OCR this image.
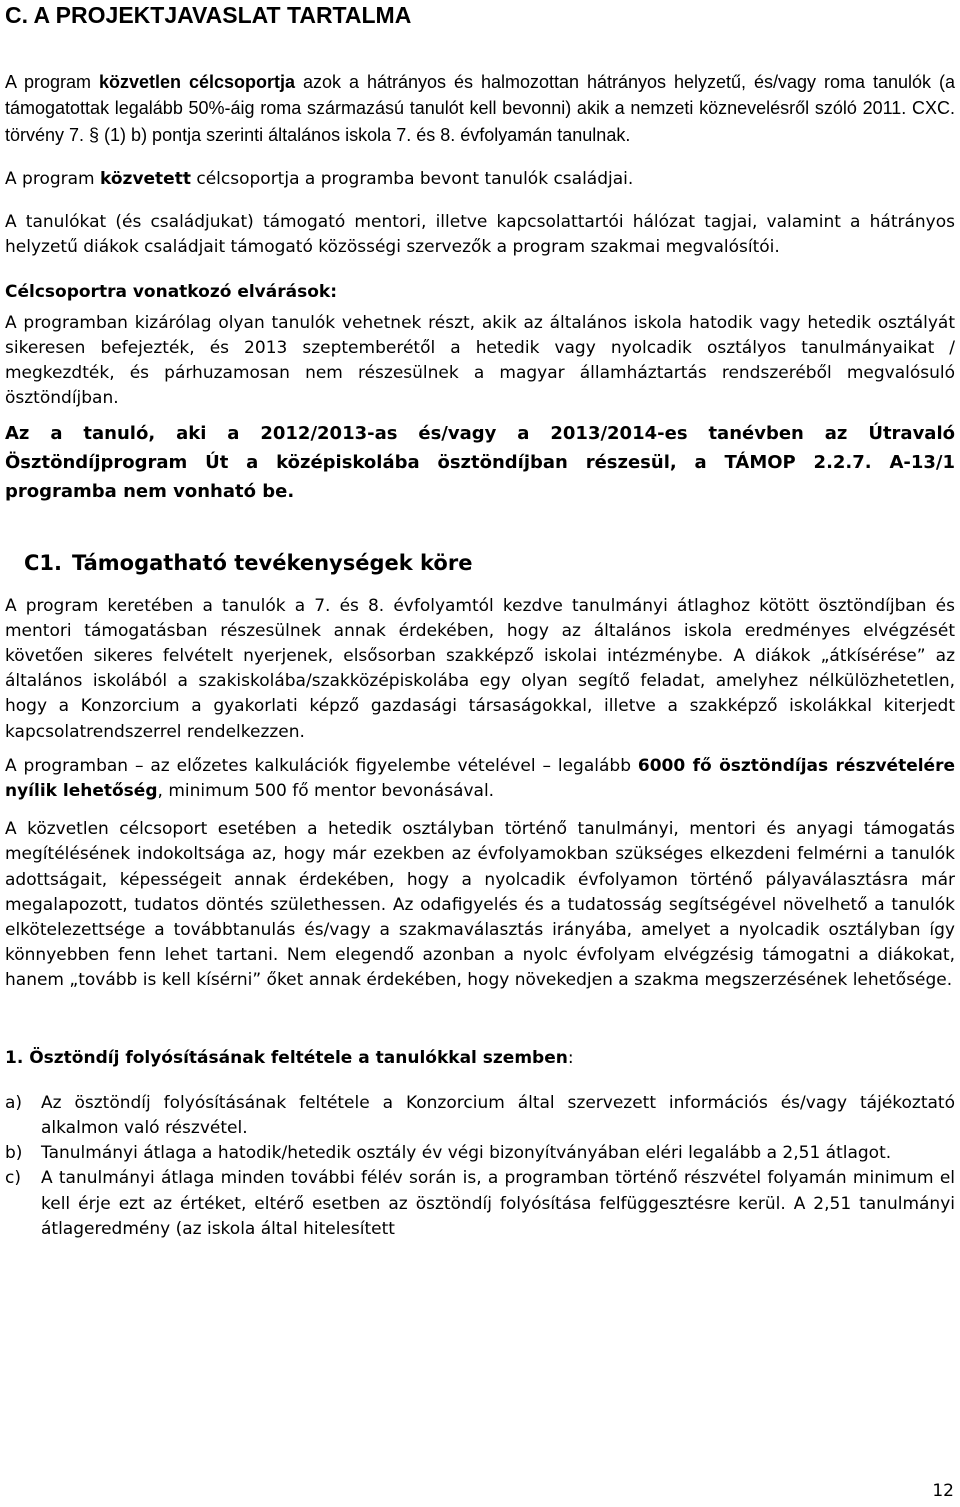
C. A PROJEKTJAVASLAT TARTALMA

A program közvetlen célcsoportja azok a hátrányos és halmozottan hátrányos helyzetű, és/vagy roma tanulók (a támogatottak legalább 50%-áig roma származású tanulót kell bevonni) akik a nemzeti köznevelésről szóló 2011. CXC. törvény 7. § (1) b) pontja szerinti általános iskola 7. és 8. évfolyamán tanulnak.

A program közvetett célcsoportja a programba bevont tanulók családjai.

A tanulókat (és családjukat) támogató mentori, illetve kapcsolattartói hálózat tagjai, valamint a hátrányos helyzetű diákok családjait támogató közösségi szervezők a program szakmai megvalósítói.

Célcsoportra vonatkozó elvárások:

A programban kizárólag olyan tanulók vehetnek részt, akik az általános iskola hatodik vagy hetedik osztályát sikeresen befejezték, és 2013 szeptemberétől a hetedik vagy nyolcadik osztályos tanulmányaikat / megkezdték, és párhuzamosan nem részesülnek a magyar államháztartás rendszeréből megvalósuló ösztöndíjban.

Az a tanuló, aki a 2012/2013-as és/vagy a 2013/2014-es tanévben az Útravaló Ösztöndíjprogram Út a középiskolába ösztöndíjban részesül, a TÁMOP 2.2.7. A-13/1 programba nem vonható be.

C1. Támogatható tevékenységek köre

A program keretében a tanulók a 7. és 8. évfolyamtól kezdve tanulmányi átlaghoz kötött ösztöndíjban és mentori támogatásban részesülnek annak érdekében, hogy az általános iskola eredményes elvégzését követően sikeres felvételt nyerjenek, elsősorban szakképző iskolai intézménybe. A diákok „átkísérése” az általános iskolából a szakiskolába/szakközépiskolába egy olyan segítő feladat, amelyhez nélkülözhetetlen, hogy a Konzorcium a gyakorlati képző gazdasági társaságokkal, illetve a szakképző iskolákkal kiterjedt kapcsolatrendszerrel rendelkezzen.

A programban – az előzetes kalkulációk figyelembe vételével – legalább 6000 fő ösztöndíjas részvételére nyílik lehetőség, minimum 500 fő mentor bevonásával.

A közvetlen célcsoport esetében a hetedik osztályban történő tanulmányi, mentori és anyagi támogatás megítélésének indokoltsága az, hogy már ezekben az évfolyamokban szükséges elkezdeni felmérni a tanulók adottságait, képességeit annak érdekében, hogy a nyolcadik évfolyamon történő pályaválasztásra már megalapozott, tudatos döntés születhessen. Az odafigyelés és a tudatosság segítségével növelhető a tanulók elkötelezettsége a továbbtanulás és/vagy a szakmaválasztás irányába, amelyet a nyolcadik osztályban így könnyebben fenn lehet tartani. Nem elegendő azonban a nyolc évfolyam elvégzésig támogatni a diákokat, hanem „tovább is kell kísérni” őket annak érdekében, hogy növekedjen a szakma megszerzésének lehetősége.

1. Ösztöndíj folyósításának feltétele a tanulókkal szemben:

a)	Az ösztöndíj folyósításának feltétele a Konzorcium által szervezett információs és/vagy tájékoztató alkalmon való részvétel.
b)	Tanulmányi átlaga a hatodik/hetedik osztály év végi bizonyítványában eléri legalább a 2,51 átlagot.
c)	A tanulmányi átlaga minden további félév során is, a programban történő részvétel folyamán minimum el kell érje ezt az értéket, eltérő esetben az ösztöndíj folyósítása felfüggesztésre kerül. A 2,51 tanulmányi átlageredmény (az iskola által hitelesített
12
